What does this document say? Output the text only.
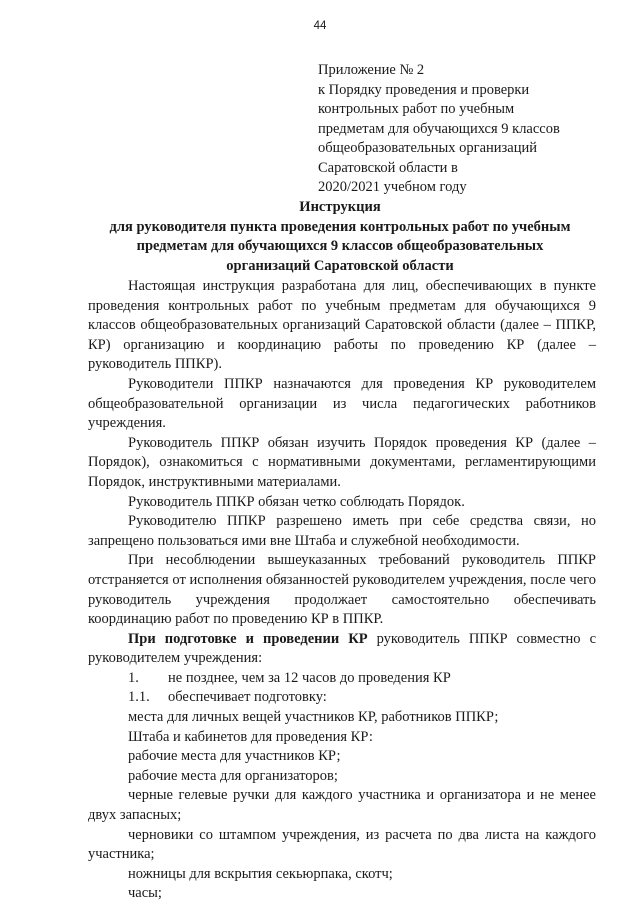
44
Приложение № 2
к Порядку проведения и проверки
контрольных работ по учебным
предметам для обучающихся 9 классов
общеобразовательных организаций
Саратовской области в
2020/2021 учебном году
Инструкция
для руководителя пункта проведения контрольных работ по учебным
предметам для обучающихся 9 классов общеобразовательных
организаций Саратовской области

Настоящая инструкция разработана для лиц, обеспечивающих в пункте проведения контрольных работ по учебным предметам для обучающихся 9 классов общеобразовательных организаций Саратовской области (далее – ППКР, КР) организацию и координацию работы по проведению КР (далее – руководитель ППКР).

Руководители ППКР назначаются для проведения КР руководителем общеобразовательной организации из числа педагогических работников учреждения.

Руководитель ППКР обязан изучить Порядок проведения КР (далее – Порядок), ознакомиться с нормативными документами, регламентирующими Порядок, инструктивными материалами.

Руководитель ППКР обязан четко соблюдать Порядок.

Руководителю ППКР разрешено иметь при себе средства связи, но запрещено пользоваться ими вне Штаба и служебной необходимости.

При несоблюдении вышеуказанных требований руководитель ППКР отстраняется от исполнения обязанностей руководителем учреждения, после чего руководитель учреждения продолжает самостоятельно обеспечивать координацию работ по проведению КР в ППКР.

При подготовке и проведении КР руководитель ППКР совместно с руководителем учреждения:

1. не позднее, чем за 12 часов до проведения КР

1.1. обеспечивает подготовку:

места для личных вещей участников КР, работников ППКР;

Штаба и кабинетов для проведения КР:

рабочие места для участников КР;

рабочие места для организаторов;

черные гелевые ручки для каждого участника и организатора и не менее двух запасных;

черновики со штампом учреждения, из расчета по два листа на каждого участника;

ножницы для вскрытия секьюрпака, скотч;

часы;
